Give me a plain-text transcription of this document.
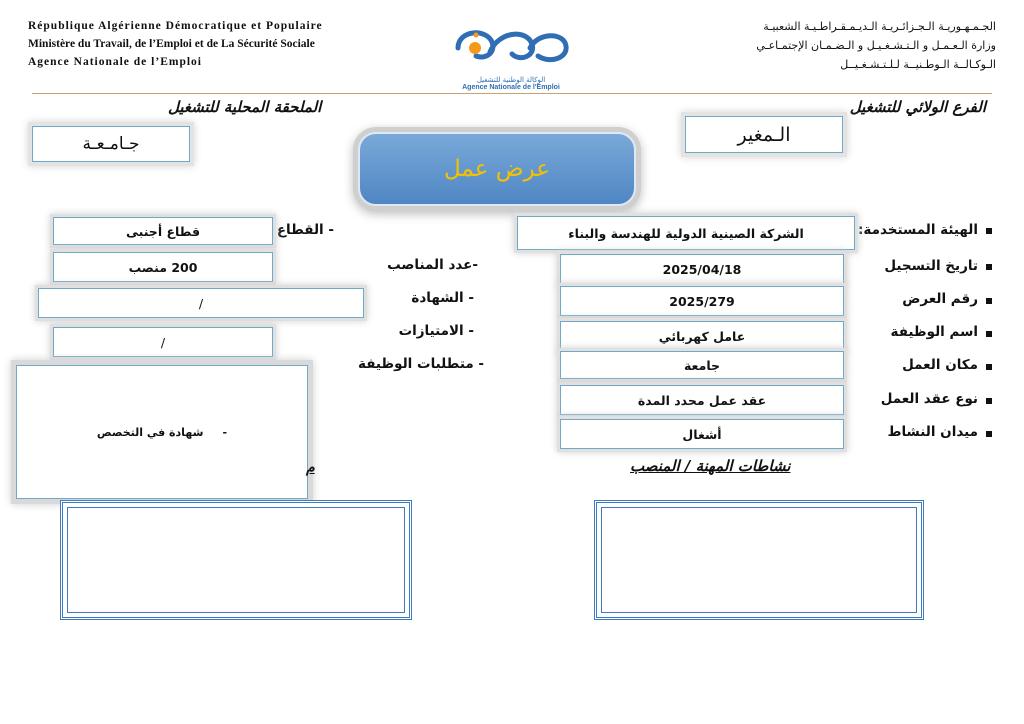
République Algérienne Démocratique et Populaire
Ministère du Travail, de l’Emploi et de La Sécurité Sociale
Agence Nationale de l’Emploi
الجـمـهـوريـة الـجـزائـريـة الـديـمـقـراطـيـة الشعبيـة
وزارة الـعـمـل و الـتـشـغـيـل و الـضـمـان الإجتمـاعـي
الـوكـالــة الـوطـنيــة لـلـتـشـغـيــل
الوكالة الوطنية للتشغيل
Agence Nationale de l'Emploi
الفرع الولائي للتشغيل
الملحقة المحلية للتشغيل
الـمغير
جـامـعـة
عرض عمل
الهيئة المستخدمة:
الشركة الصينية الدولية للهندسة والبناء
تاريخ التسجيل
2025/04/18
رقم العرض
2025/279
اسم الوظيفة
عامل كهربائي
مكان العمل
جامعة
نوع عقد العمل
عقد عمل محدد المدة
ميدان النشاط
أشغال
- القطاع
قطاع أجنبى
-عدد المناصب
200 منصب
- الشهادة
/
- الامتيازات
/
- متطلبات الوظيفة
-     شهادة في التخصص
نشاطات المهنة / المنصب
م
